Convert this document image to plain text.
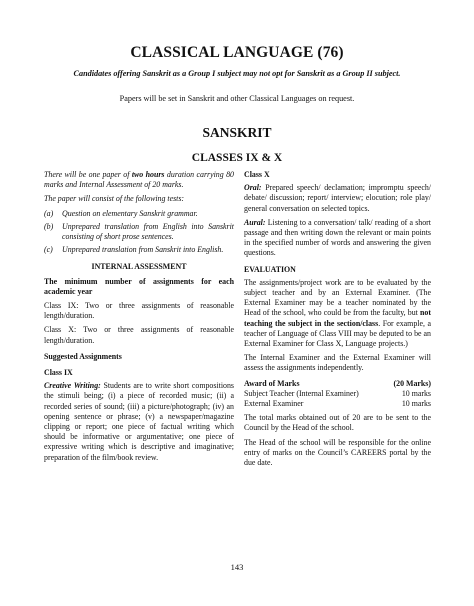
CLASSICAL LANGUAGE (76)
Candidates offering Sanskrit as a Group I subject may not opt for Sanskrit as a Group II subject.
Papers will be set in Sanskrit and other Classical Languages on request.
SANSKRIT
CLASSES IX & X

There will be one paper of two hours duration carrying 80 marks and Internal Assessment of 20 marks.

The paper will consist of the following tests:

(a)	Question on elementary Sanskrit grammar.
(b)	Unprepared translation from English into Sanskrit consisting of short prose sentences.
(c)	Unprepared translation from Sanskrit into English.
INTERNAL ASSESSMENT

The minimum number of assignments for each academic year

Class IX: Two or three assignments of reasonable length/duration.

Class X: Two or three assignments of reasonable length/duration.

Suggested Assignments
Class IX

Creative Writing: Students are to write short compositions the stimuli being; (i) a piece of recorded music; (ii) a recorded series of sound; (iii) a picture/photograph; (iv) an opening sentence or phrase; (v) a newspaper/magazine clipping or report; one piece of factual writing which should be informative or argumentative; one piece of expressive writing which is descriptive and imaginative; preparation of the film/book review.

Class X

Oral: Prepared speech/ declamation; impromptu speech/ debate/ discussion; report/ interview; elocution; role play/ general conversation on selected topics.

Aural: Listening to a conversation/ talk/ reading of a short passage and then writing down the relevant or main points in the specified number of words and answering the given questions.

EVALUATION

The assignments/project work are to be evaluated by the subject teacher and by an External Examiner. (The External Examiner may be a teacher nominated by the Head of the school, who could be from the faculty, but not teaching the subject in the section/class. For example, a teacher of Language of Class VIII may be deputed to be an External Examiner for Class X, Language projects.)

The Internal Examiner and the External Examiner will assess the assignments independently.

Award of Marks	(20 Marks)
Subject Teacher (Internal Examiner)	10 marks
External Examiner	10 marks

The total marks obtained out of 20 are to be sent to the Council by the Head of the school.

The Head of the school will be responsible for the online entry of marks on the Council’s CAREERS portal by the due date.

143
